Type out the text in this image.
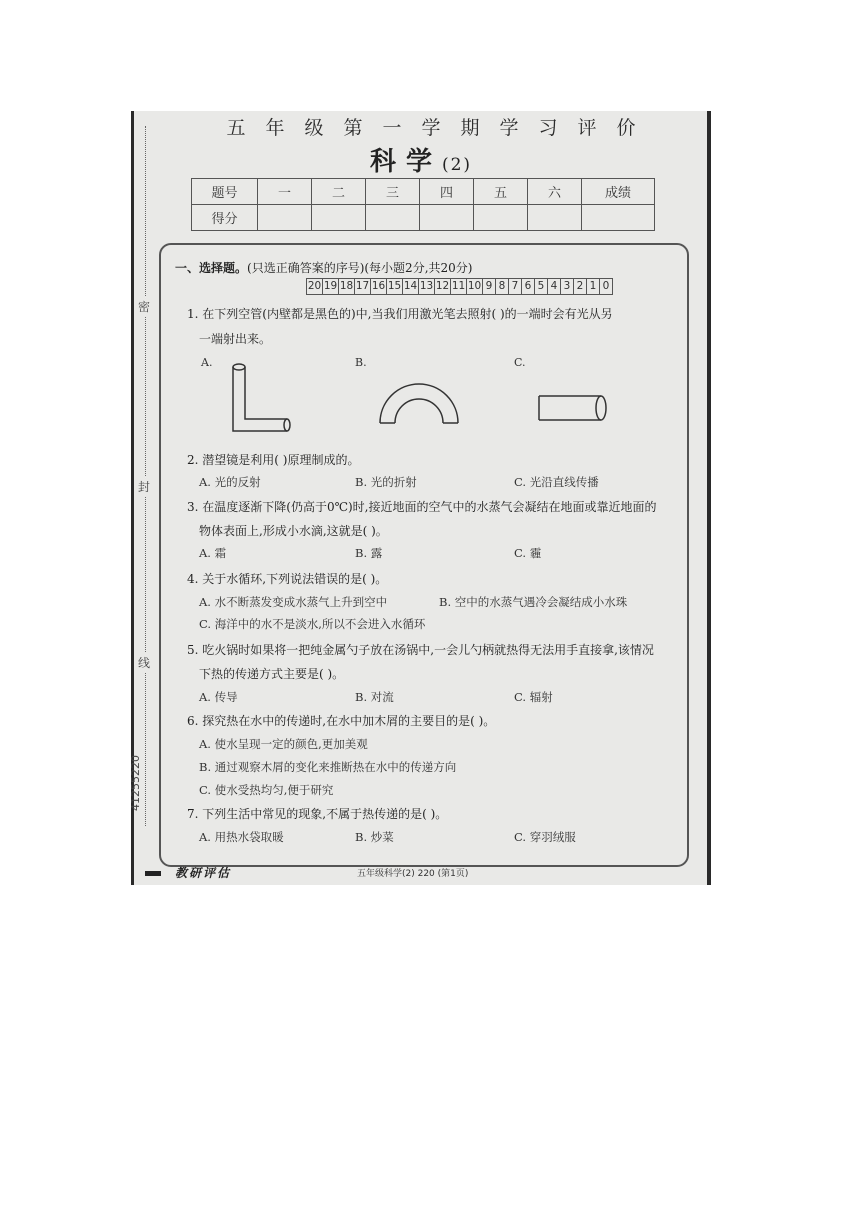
五年级第一学期学习评价
科学(2)
题号	一	二	三	四	五	六	成绩
得分							
密
封
线
41255220
一、选择题。(只选正确答案的序号)(每小题2分,共20分)
20 19 18 17 16 15 14 13 12 11 10 9 8 7 6 5 4 3 2 1 0
1. 在下列空管(内壁都是黑色的)中,当我们用激光笔去照射( )的一端时会有光从另
一端射出来。
A.	B.	C.
2. 潜望镜是利用( )原理制成的。
A. 光的反射	B. 光的折射	C. 光沿直线传播
3. 在温度逐渐下降(仍高于0℃)时,接近地面的空气中的水蒸气会凝结在地面或靠近地面的
物体表面上,形成小水滴,这就是( )。
A. 霜	B. 露	C. 霾
4. 关于水循环,下列说法错误的是( )。
A. 水不断蒸发变成水蒸气上升到空中	B. 空中的水蒸气遇冷会凝结成小水珠
C. 海洋中的水不是淡水,所以不会进入水循环
5. 吃火锅时如果将一把纯金属勺子放在汤锅中,一会儿勺柄就热得无法用手直接拿,该情况
下热的传递方式主要是( )。
A. 传导	B. 对流	C. 辐射
6. 探究热在水中的传递时,在水中加木屑的主要目的是( )。
A. 使水呈现一定的颜色,更加美观
B. 通过观察木屑的变化来推断热在水中的传递方向
C. 使水受热均匀,便于研究
7. 下列生活中常见的现象,不属于热传递的是( )。
A. 用热水袋取暖	B. 炒菜	C. 穿羽绒服
教研评估	五年级科学(2) 220 (第1页)
